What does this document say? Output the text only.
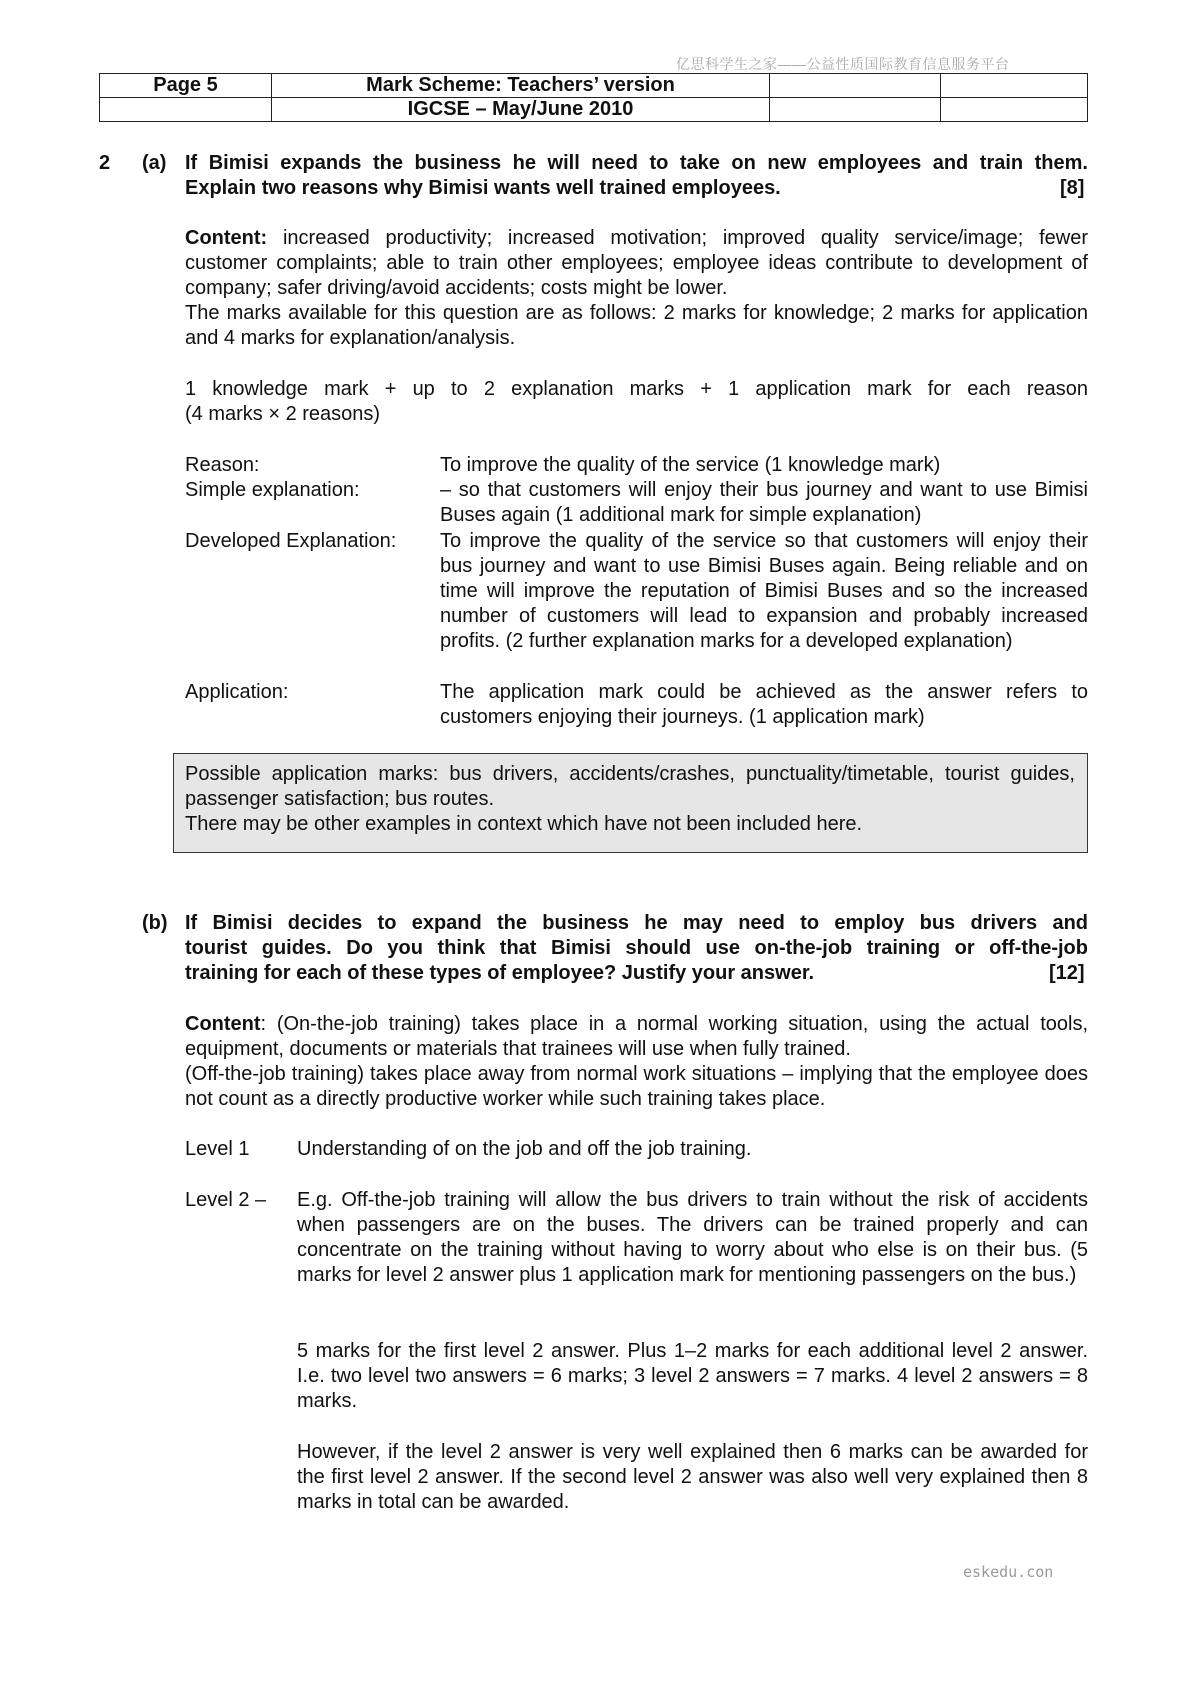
亿思科学生之家——公益性质国际教育信息服务平台
Page 5	Mark Scheme: Teachers’ version		
	IGCSE – May/June 2010		
2 (a) If Bimisi expands the business he will need to take on new employees and train them.
Explain two reasons why Bimisi wants well trained employees.	[8]
Content: increased productivity; increased motivation; improved quality service/image; fewer customer complaints; able to train other employees; employee ideas contribute to development of company; safer driving/avoid accidents; costs might be lower.
The marks available for this question are as follows: 2 marks for knowledge; 2 marks for application and 4 marks for explanation/analysis.
1 knowledge mark + up to 2 explanation marks + 1 application mark for each reason
(4 marks × 2 reasons)
Reason:	To improve the quality of the service (1 knowledge mark)
Simple explanation:	– so that customers will enjoy their bus journey and want to use Bimisi Buses again (1 additional mark for simple explanation)
Developed Explanation: To improve the quality of the service so that customers will enjoy their bus journey and want to use Bimisi Buses again. Being reliable and on time will improve the reputation of Bimisi Buses and so the increased number of customers will lead to expansion and probably increased profits. (2 further explanation marks for a developed explanation)
Application:	The application mark could be achieved as the answer refers to customers enjoying their journeys. (1 application mark)
Possible application marks: bus drivers, accidents/crashes, punctuality/timetable, tourist guides, passenger satisfaction; bus routes.
There may be other examples in context which have not been included here.
(b) If Bimisi decides to expand the business he may need to employ bus drivers and
tourist guides. Do you think that Bimisi should use on-the-job training or off-the-job
training for each of these types of employee? Justify your answer.	[12]
Content: (On-the-job training) takes place in a normal working situation, using the actual tools, equipment, documents or materials that trainees will use when fully trained.
(Off-the-job training) takes place away from normal work situations – implying that the employee does not count as a directly productive worker while such training takes place.
Level 1 Understanding of on the job and off the job training.
Level 2 – E.g. Off-the-job training will allow the bus drivers to train without the risk of accidents when passengers are on the buses. The drivers can be trained properly and can concentrate on the training without having to worry about who else is on their bus. (5 marks for level 2 answer plus 1 application mark for mentioning passengers on the bus.)
5 marks for the first level 2 answer. Plus 1–2 marks for each additional level 2 answer. I.e. two level two answers = 6 marks; 3 level 2 answers = 7 marks. 4 level 2 answers = 8 marks.
However, if the level 2 answer is very well explained then 6 marks can be awarded for the first level 2 answer. If the second level 2 answer was also well very explained then 8 marks in total can be awarded.
eskedu.con
